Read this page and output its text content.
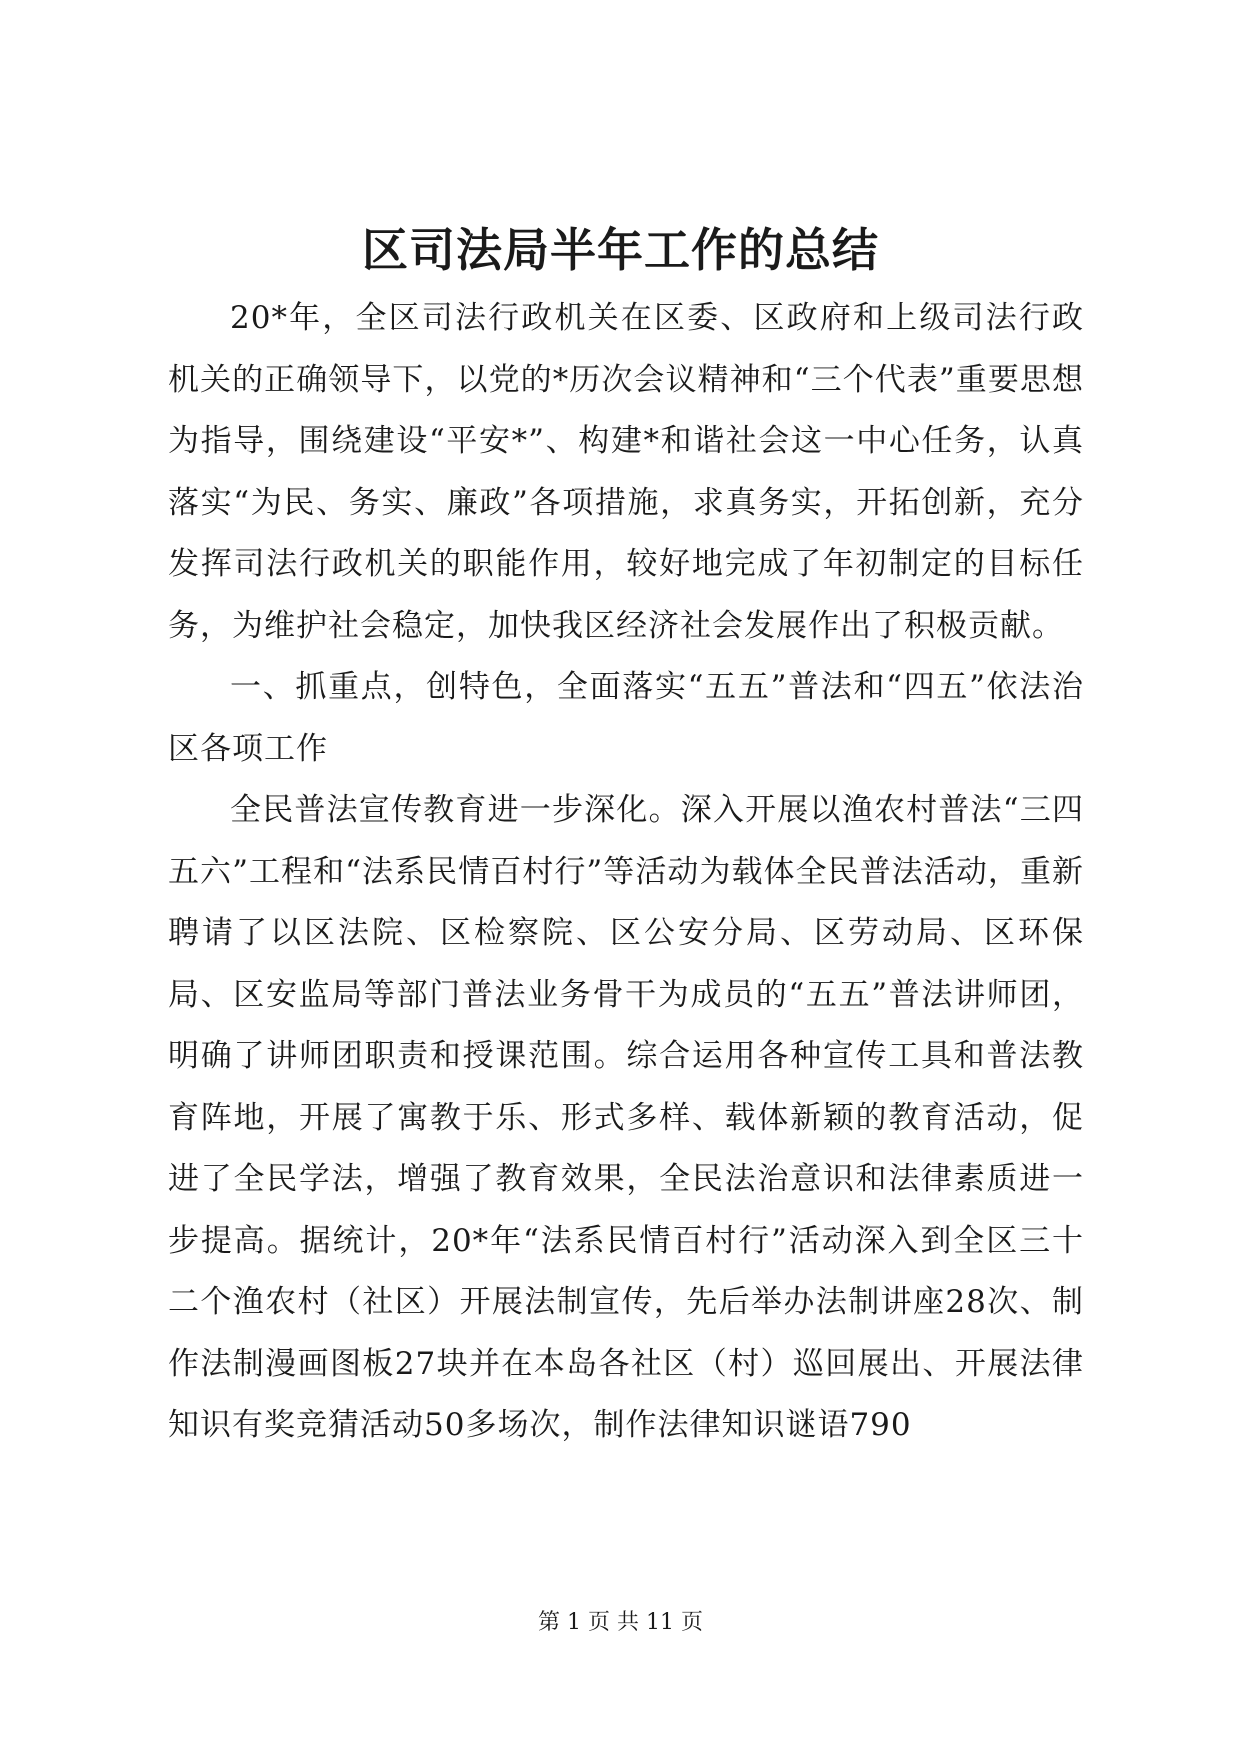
区司法局半年工作的总结

20*年，全区司法行政机关在区委、区政府和上级司法行政机关的正确领导下，以党的*历次会议精神和“三个代表”重要思想为指导，围绕建设“平安*”、构建*和谐社会这一中心任务，认真落实“为民、务实、廉政”各项措施，求真务实，开拓创新，充分发挥司法行政机关的职能作用，较好地完成了年初制定的目标任务，为维护社会稳定，加快我区经济社会发展作出了积极贡献。

一、抓重点，创特色，全面落实“五五”普法和“四五”依法治区各项工作

全民普法宣传教育进一步深化。深入开展以渔农村普法“三四五六”工程和“法系民情百村行”等活动为载体全民普法活动，重新聘请了以区法院、区检察院、区公安分局、区劳动局、区环保局、区安监局等部门普法业务骨干为成员的“五五”普法讲师团，明确了讲师团职责和授课范围。综合运用各种宣传工具和普法教育阵地，开展了寓教于乐、形式多样、载体新颖的教育活动，促进了全民学法，增强了教育效果，全民法治意识和法律素质进一步提高。据统计，20*年“法系民情百村行”活动深入到全区三十二个渔农村（社区）开展法制宣传，先后举办法制讲座28次、制作法制漫画图板27块并在本岛各社区（村）巡回展出、开展法律知识有奖竞猜活动50多场次，制作法律知识谜语790

第 1 页 共 11 页
